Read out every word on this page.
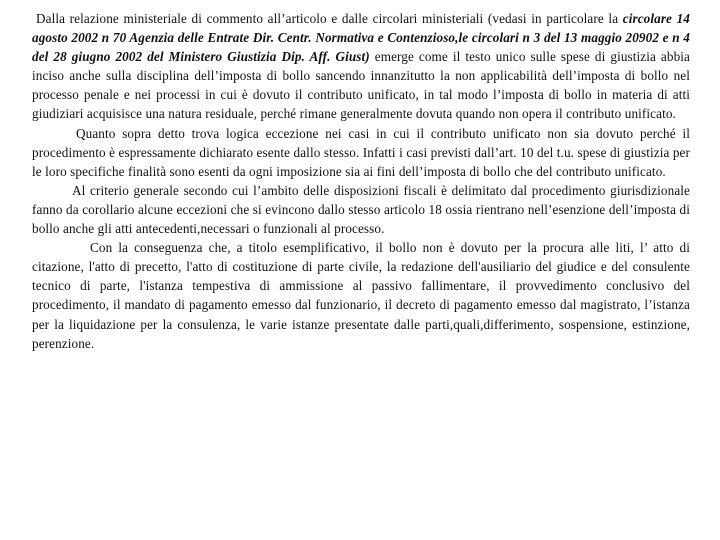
Dalla relazione ministeriale di commento all’articolo e dalle circolari ministeriali (vedasi in particolare la circolare 14 agosto 2002 n 70 Agenzia delle Entrate Dir. Centr. Normativa e Contenzioso,le circolari n 3 del 13 maggio 20902 e n 4 del 28 giugno 2002 del Ministero Giustizia Dip. Aff. Giust) emerge come il testo unico sulle spese di giustizia abbia inciso anche sulla disciplina dell’imposta di bollo sancendo innanzitutto la non applicabilità dell’imposta di bollo nel processo penale e nei processi in cui è dovuto il contributo unificato, in tal modo l’imposta di bollo in materia di atti giudiziari acquisisce una natura residuale, perché rimane generalmente dovuta quando non opera il contributo unificato.

Quanto sopra detto trova logica eccezione nei casi in cui il contributo unificato non sia dovuto perché il procedimento è espressamente dichiarato esente dallo stesso. Infatti i casi previsti dall’art. 10 del t.u. spese di giustizia per le loro specifiche finalità sono esenti da ogni imposizione sia ai fini dell’imposta di bollo che del contributo unificato.

Al criterio generale secondo cui l’ambito delle disposizioni fiscali è delimitato dal procedimento giurisdizionale fanno da corollario alcune eccezioni che si evincono dallo stesso articolo 18 ossia rientrano nell’esenzione dell’imposta di bollo anche gli atti antecedenti,necessari o funzionali al processo.

Con la conseguenza che, a titolo esemplificativo, il bollo non è dovuto per la procura alle liti, l’ atto di citazione, l'atto di precetto, l'atto di costituzione di parte civile, la redazione dell'ausiliario del giudice e del consulente tecnico di parte, l'istanza tempestiva di ammissione al passivo fallimentare, il provvedimento conclusivo del procedimento, il mandato di pagamento emesso dal funzionario, il decreto di pagamento emesso dal magistrato, l’istanza per la liquidazione per la consulenza, le varie istanze presentate dalle parti,quali,differimento, sospensione, estinzione, perenzione.
